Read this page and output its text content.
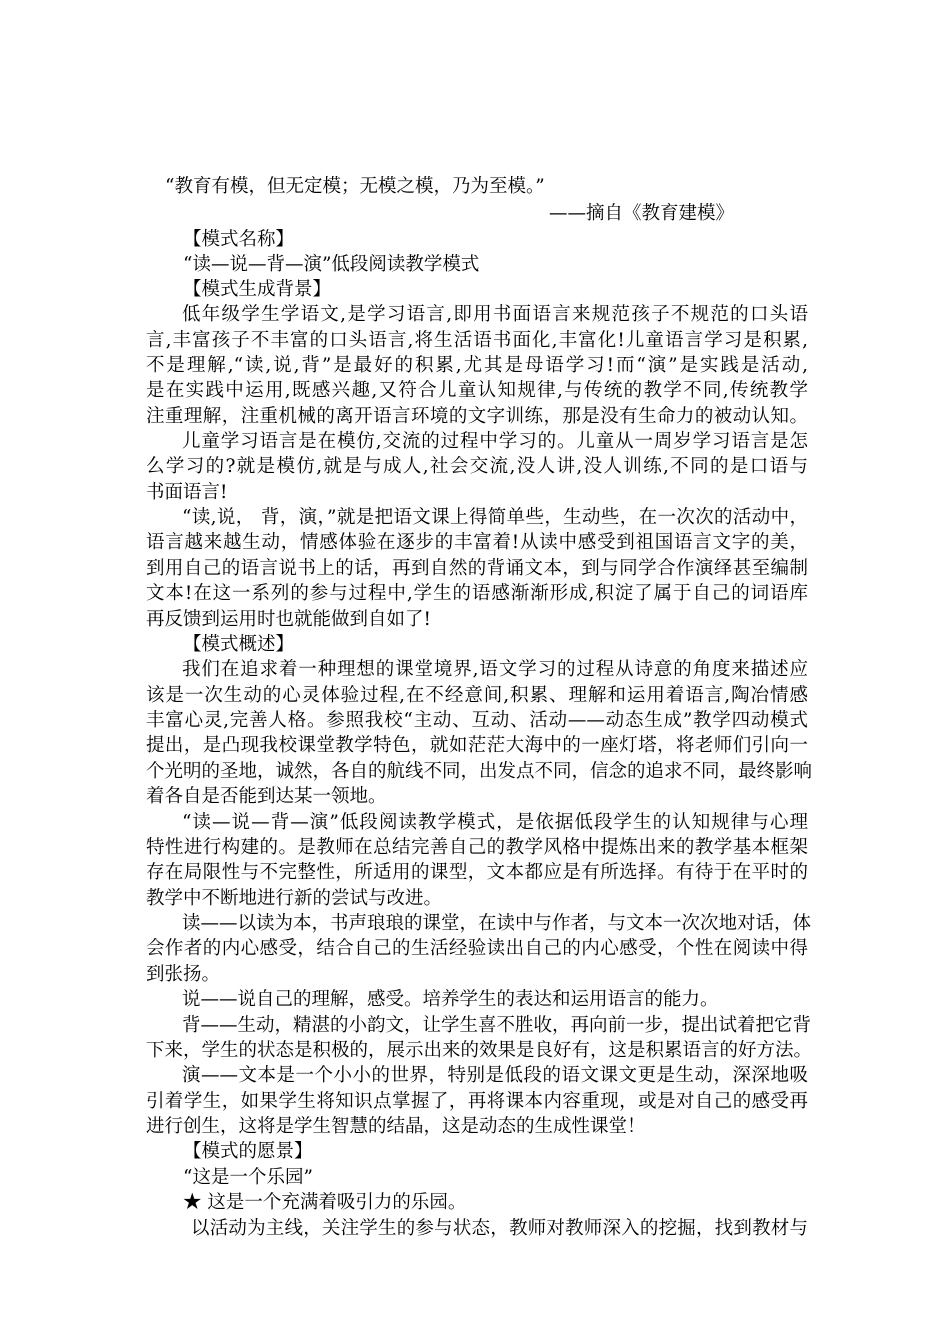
“教育有模，但无定模；无模之模，乃为至模。”
——摘自《教育建模》
【模式名称】
“读—说—背—演”低段阅读教学模式
【模式生成背景】
低年级学生学语文,是学习语言,即用书面语言来规范孩子不规范的口头语
言,丰富孩子不丰富的口头语言,将生活语书面化,丰富化!儿童语言学习是积累,
不是理解,“读,说,背”是最好的积累,尤其是母语学习!而“演”是实践是活动,
是在实践中运用,既感兴趣,又符合儿童认知规律,与传统的教学不同,传统教学
注重理解，注重机械的离开语言环境的文字训练，那是没有生命力的被动认知。
儿童学习语言是在模仿,交流的过程中学习的。儿童从一周岁学习语言是怎
么学习的?就是模仿,就是与成人,社会交流,没人讲,没人训练,不同的是口语与
书面语言!
“读,说， 背，演，”就是把语文课上得简单些，生动些，在一次次的活动中，
语言越来越生动，情感体验在逐步的丰富着!从读中感受到祖国语言文字的美，
到用自己的语言说书上的话，再到自然的背诵文本，到与同学合作演绎甚至编制
文本!在这一系列的参与过程中,学生的语感渐渐形成,积淀了属于自己的词语库
再反馈到运用时也就能做到自如了!
【模式概述】
我们在追求着一种理想的课堂境界,语文学习的过程从诗意的角度来描述应
该是一次生动的心灵体验过程,在不经意间,积累、理解和运用着语言,陶冶情感
丰富心灵,完善人格。参照我校“主动、互动、活动——动态生成”教学四动模式
提出，是凸现我校课堂教学特色，就如茫茫大海中的一座灯塔，将老师们引向一
个光明的圣地，诚然，各自的航线不同，出发点不同，信念的追求不同，最终影响
着各自是否能到达某一领地。
“读—说—背—演”低段阅读教学模式，是依据低段学生的认知规律与心理
特性进行构建的。是教师在总结完善自己的教学风格中提炼出来的教学基本框架
存在局限性与不完整性，所适用的课型，文本都应是有所选择。有待于在平时的
教学中不断地进行新的尝试与改进。
读——以读为本，书声琅琅的课堂，在读中与作者，与文本一次次地对话，体
会作者的内心感受，结合自己的生活经验读出自己的内心感受，个性在阅读中得
到张扬。
说——说自己的理解，感受。培养学生的表达和运用语言的能力。
背——生动，精湛的小韵文，让学生喜不胜收，再向前一步，提出试着把它背
下来，学生的状态是积极的，展示出来的效果是良好有，这是积累语言的好方法。
演——文本是一个小小的世界，特别是低段的语文课文更是生动，深深地吸
引着学生，如果学生将知识点掌握了，再将课本内容重现，或是对自己的感受再
进行创生，这将是学生智慧的结晶，这是动态的生成性课堂！
【模式的愿景】
“这是一个乐园”
★ 这是一个充满着吸引力的乐园。
以活动为主线，关注学生的参与状态，教师对教师深入的挖掘，找到教材与
